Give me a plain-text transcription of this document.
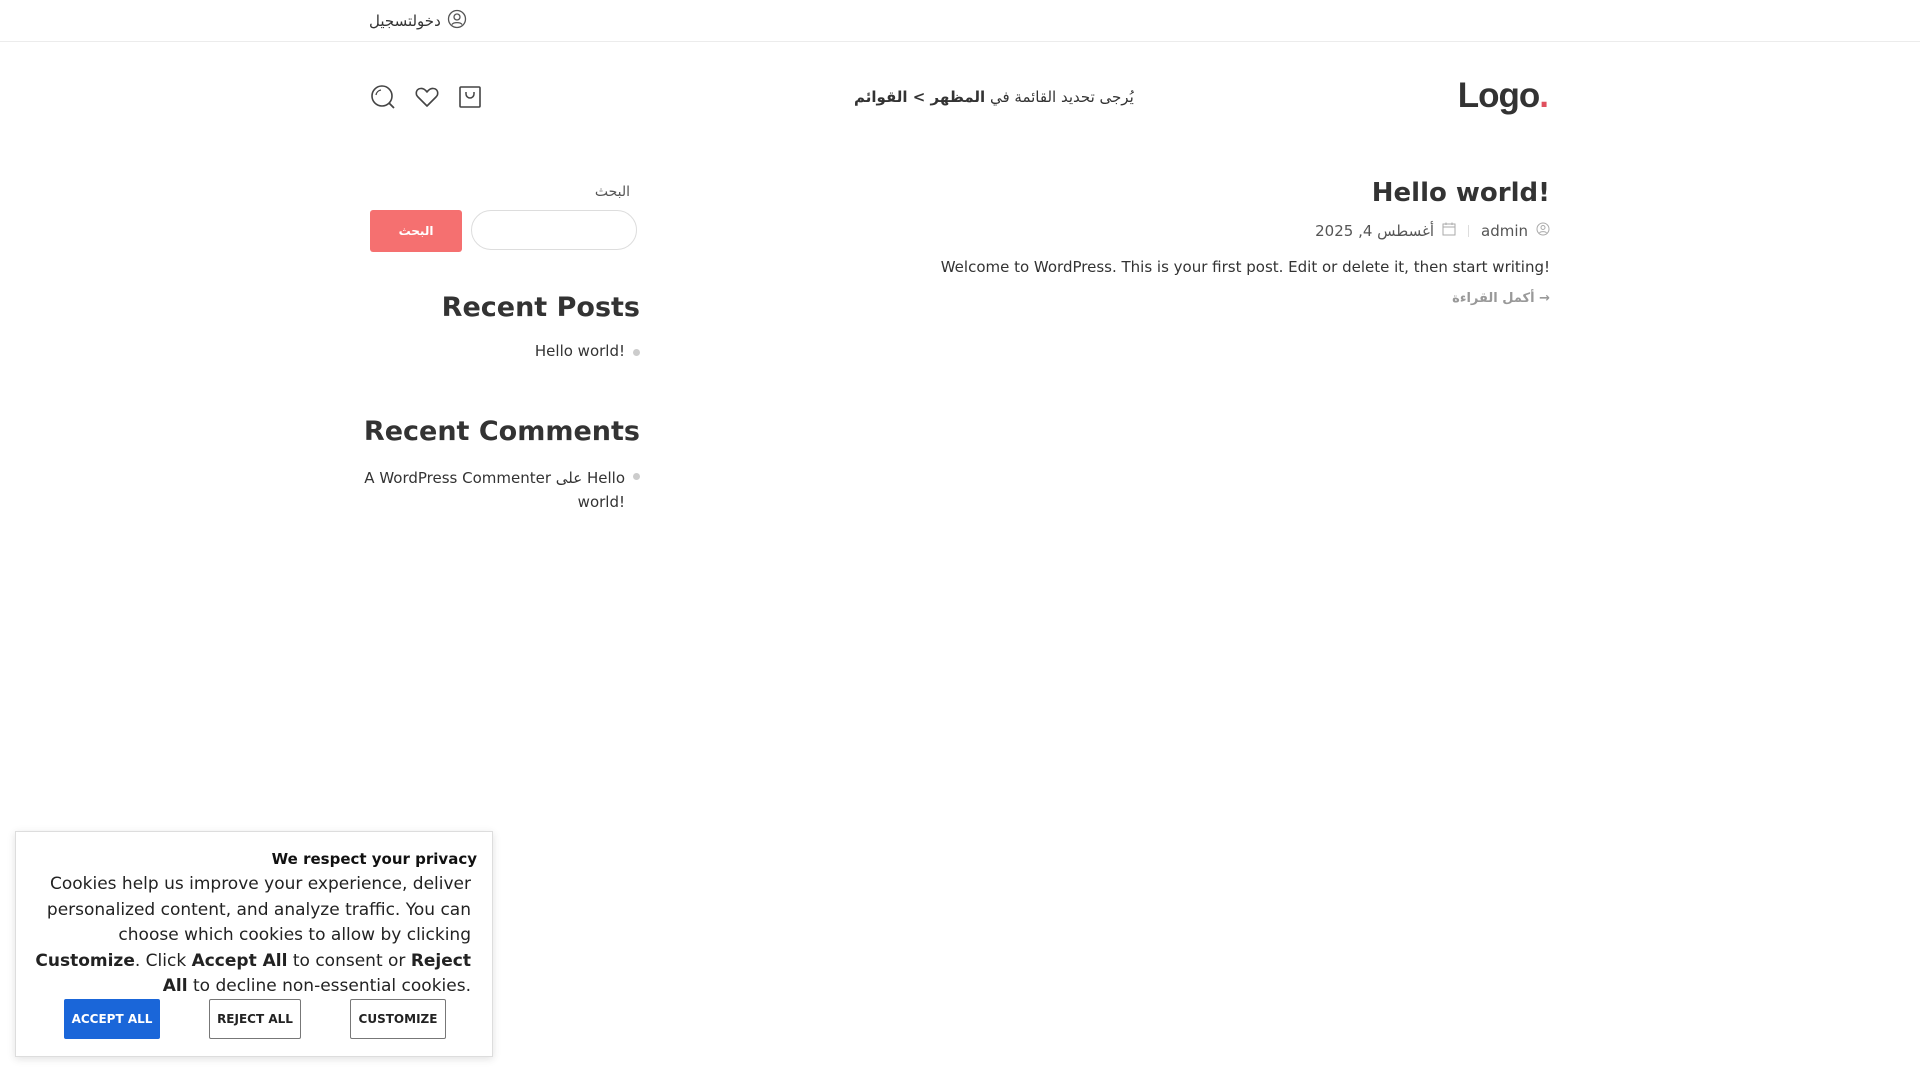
دخولتسجيل
Logo.
يُرجى تحديد القائمة في المظهر > القوائم
Hello world!
admin
أغسطس 4, 2025
Welcome to WordPress. This is your first post. Edit or delete it, then start writing!
→ أكمل القراءة
البحث
البحث
Recent Posts
Hello world!
Recent Comments
A WordPress Commenter على Hello
world!
We respect your privacy
Cookies help us improve your experience, deliver personalized content, and analyze traffic. You can choose which cookies to allow by clicking Customize. Click Accept All to consent or Reject All to decline non-essential cookies.
ACCEPT ALL	REJECT ALL	CUSTOMIZE
